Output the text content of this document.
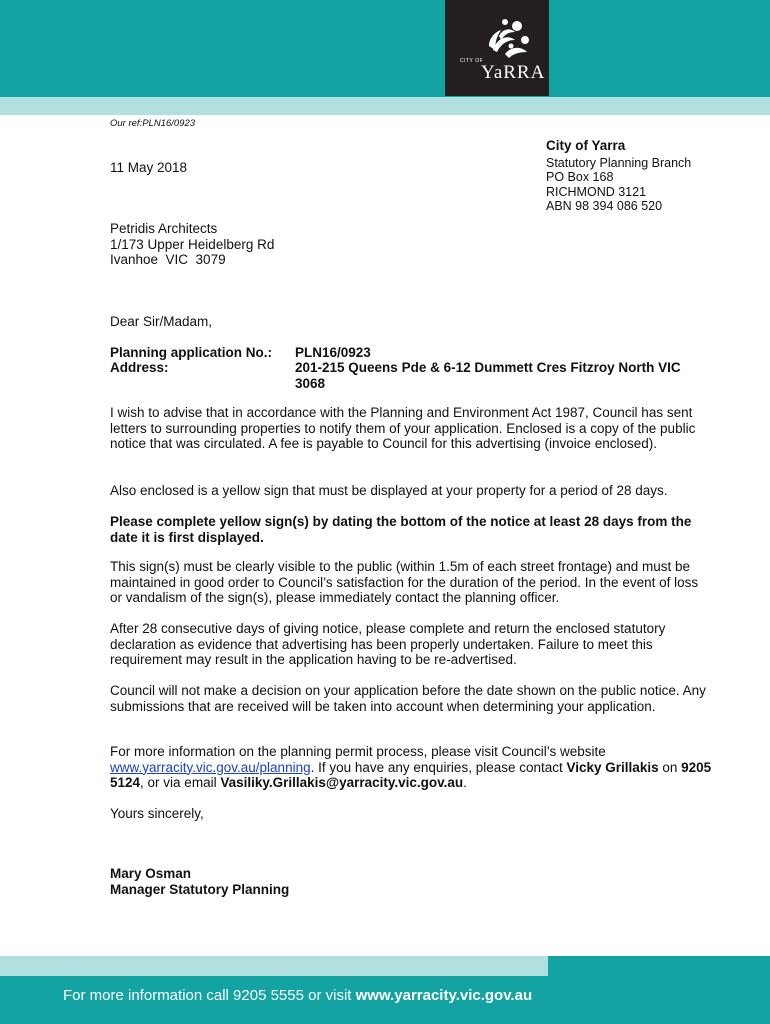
CITY OF
YaRRA
Our ref:PLN16/0923
City of Yarra
Statutory Planning Branch
PO Box 168
RICHMOND 3121
ABN 98 394 086 520
11 May 2018
Petridis Architects
1/173 Upper Heidelberg Rd
Ivanhoe  VIC  3079
Dear Sir/Madam,
Planning application No.: PLN16/0923
Address:	201-215 Queens Pde & 6-12 Dummett Cres Fitzroy North VIC 3068
I wish to advise that in accordance with the Planning and Environment Act 1987, Council has sent letters to surrounding properties to notify them of your application. Enclosed is a copy of the public notice that was circulated. A fee is payable to Council for this advertising (invoice enclosed).
Also enclosed is a yellow sign that must be displayed at your property for a period of 28 days.
Please complete yellow sign(s) by dating the bottom of the notice at least 28 days from the date it is first displayed.
This sign(s) must be clearly visible to the public (within 1.5m of each street frontage) and must be maintained in good order to Council’s satisfaction for the duration of the period. In the event of loss or vandalism of the sign(s), please immediately contact the planning officer.
After 28 consecutive days of giving notice, please complete and return the enclosed statutory declaration as evidence that advertising has been properly undertaken. Failure to meet this requirement may result in the application having to be re-advertised.
Council will not make a decision on your application before the date shown on the public notice. Any submissions that are received will be taken into account when determining your application.
For more information on the planning permit process, please visit Council’s website www.yarracity.vic.gov.au/planning. If you have any enquiries, please contact Vicky Grillakis on 9205 5124, or via email Vasiliky.Grillakis@yarracity.vic.gov.au.
Yours sincerely,
Mary Osman
Manager Statutory Planning
For more information call 9205 5555 or visit www.yarracity.vic.gov.au
